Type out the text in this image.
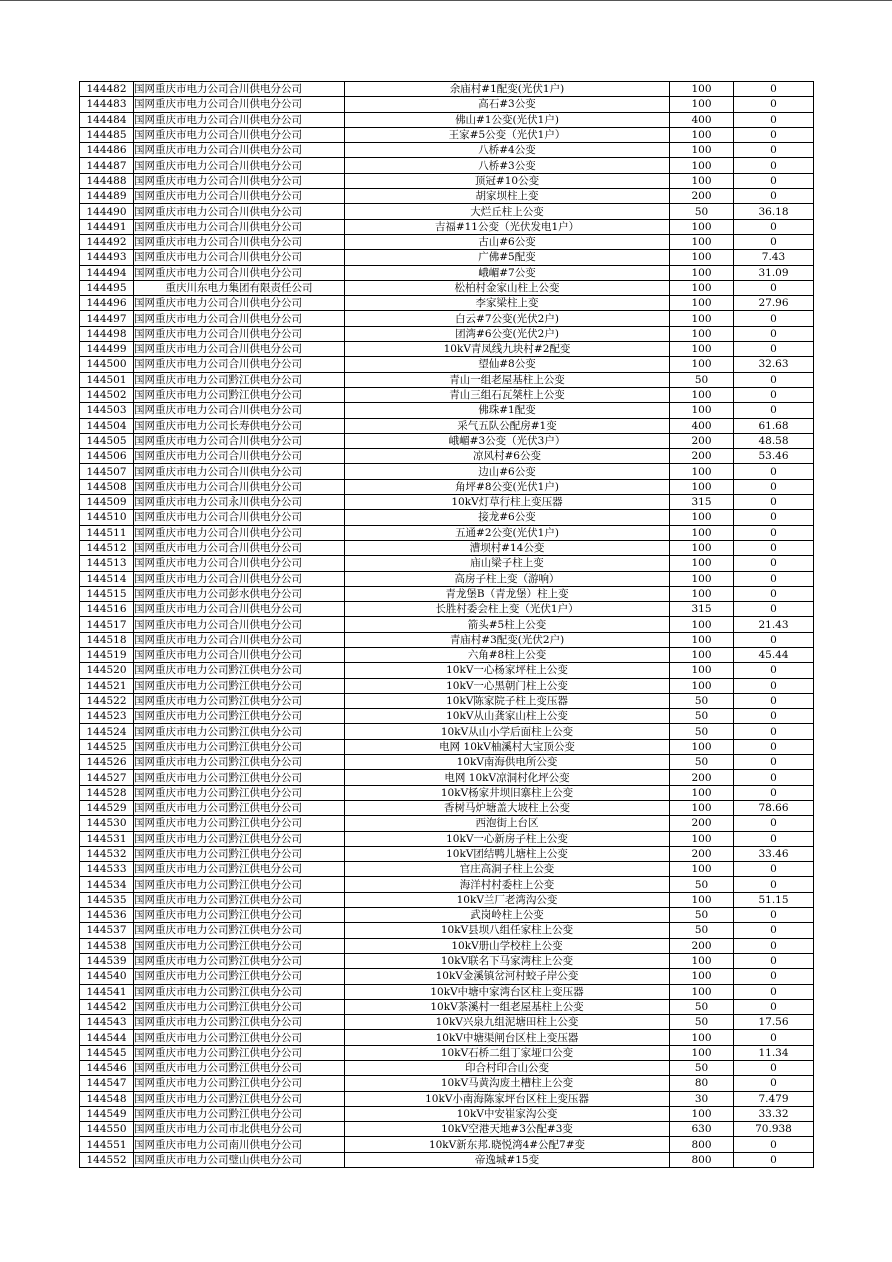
144482	国网重庆市电力公司合川供电分公司	余庙村#1配变(光伏1户)	100	0
144483	国网重庆市电力公司合川供电分公司	高石#3公变	100	0
144484	国网重庆市电力公司合川供电分公司	佛山#1公变(光伏1户)	400	0
144485	国网重庆市电力公司合川供电分公司	王家#5公变（光伏1户）	100	0
144486	国网重庆市电力公司合川供电分公司	八桥#4公变	100	0
144487	国网重庆市电力公司合川供电分公司	八桥#3公变	100	0
144488	国网重庆市电力公司合川供电分公司	顶冠#10公变	100	0
144489	国网重庆市电力公司合川供电分公司	胡家坝柱上变	200	0
144490	国网重庆市电力公司合川供电分公司	大烂丘柱上公变	50	36.18
144491	国网重庆市电力公司合川供电分公司	吉福#11公变（光伏发电1户）	100	0
144492	国网重庆市电力公司合川供电分公司	古山#6公变	100	0
144493	国网重庆市电力公司合川供电分公司	广佛#5配变	100	7.43
144494	国网重庆市电力公司合川供电分公司	峨嵋#7公变	100	31.09
144495	重庆川东电力集团有限责任公司	松柏村金家山柱上公变	100	0
144496	国网重庆市电力公司合川供电分公司	李家梁柱上变	100	27.96
144497	国网重庆市电力公司合川供电分公司	白云#7公变(光伏2户)	100	0
144498	国网重庆市电力公司合川供电分公司	团湾#6公变(光伏2户)	100	0
144499	国网重庆市电力公司合川供电分公司	10kV青凤线九块村#2配变	100	0
144500	国网重庆市电力公司合川供电分公司	望仙#8公变	100	32.63
144501	国网重庆市电力公司黔江供电分公司	青山一组老屋基柱上公变	50	0
144502	国网重庆市电力公司黔江供电分公司	青山三组石瓦桀柱上公变	100	0
144503	国网重庆市电力公司合川供电分公司	佛珠#1配变	100	0
144504	国网重庆市电力公司长寿供电分公司	采气五队公配房#1变	400	61.68
144505	国网重庆市电力公司合川供电分公司	峨嵋#3公变（光伏3户）	200	48.58
144506	国网重庆市电力公司合川供电分公司	凉风村#6公变	200	53.46
144507	国网重庆市电力公司合川供电分公司	边山#6公变	100	0
144508	国网重庆市电力公司合川供电分公司	角坪#8公变(光伏1户)	100	0
144509	国网重庆市电力公司永川供电分公司	10kV灯草行柱上变压器	315	0
144510	国网重庆市电力公司合川供电分公司	接龙#6公变	100	0
144511	国网重庆市电力公司合川供电分公司	五通#2公变(光伏1户)	100	0
144512	国网重庆市电力公司合川供电分公司	漕坝村#14公变	100	0
144513	国网重庆市电力公司合川供电分公司	庙山梁子柱上变	100	0
144514	国网重庆市电力公司合川供电分公司	高房子柱上变（游响）	100	0
144515	国网重庆市电力公司彭水供电分公司	青龙堡B（青龙堡）柱上变	100	0
144516	国网重庆市电力公司合川供电分公司	长胜村委会柱上变（光伏1户）	315	0
144517	国网重庆市电力公司合川供电分公司	箭头#5柱上公变	100	21.43
144518	国网重庆市电力公司合川供电分公司	青庙村#3配变(光伏2户)	100	0
144519	国网重庆市电力公司合川供电分公司	六角#8柱上公变	100	45.44
144520	国网重庆市电力公司黔江供电分公司	10kV一心杨家坪柱上公变	100	0
144521	国网重庆市电力公司黔江供电分公司	10kV一心黑朝门柱上公变	100	0
144522	国网重庆市电力公司黔江供电分公司	10kV陈家院子柱上变压器	50	0
144523	国网重庆市电力公司黔江供电分公司	10kV从山龚家山柱上公变	50	0
144524	国网重庆市电力公司黔江供电分公司	10kV从山小学后面柱上公变	50	0
144525	国网重庆市电力公司黔江供电分公司	电网 10kV柚溪村大宝顶公变	100	0
144526	国网重庆市电力公司黔江供电分公司	10kV南海供电所公变	50	0
144527	国网重庆市电力公司黔江供电分公司	电网 10kV凉洞村化坪公变	200	0
144528	国网重庆市电力公司黔江供电分公司	10kV杨家井坝旧寨柱上公变	100	0
144529	国网重庆市电力公司黔江供电分公司	香树马炉塘盖大坡柱上公变	100	78.66
144530	国网重庆市电力公司黔江供电分公司	西泡街上台区	200	0
144531	国网重庆市电力公司黔江供电分公司	10kV一心新房子柱上公变	100	0
144532	国网重庆市电力公司黔江供电分公司	10kV团结鸭儿塘柱上公变	200	33.46
144533	国网重庆市电力公司黔江供电分公司	官庄高洞子柱上公变	100	0
144534	国网重庆市电力公司黔江供电分公司	海洋村村委柱上公变	50	0
144535	国网重庆市电力公司黔江供电分公司	10kV兰厂老湾沟公变	100	51.15
144536	国网重庆市电力公司黔江供电分公司	武岗岭柱上公变	50	0
144537	国网重庆市电力公司黔江供电分公司	10kV县坝八组任家柱上公变	50	0
144538	国网重庆市电力公司黔江供电分公司	10kV册山学校柱上公变	200	0
144539	国网重庆市电力公司黔江供电分公司	10kV联名下马家湾柱上公变	100	0
144540	国网重庆市电力公司黔江供电分公司	10kV金溪镇岔河村蛟子岸公变	100	0
144541	国网重庆市电力公司黔江供电分公司	10kV中塘中家湾台区柱上变压器	100	0
144542	国网重庆市电力公司黔江供电分公司	10kV茶溪村一组老屋基柱上公变	50	0
144543	国网重庆市电力公司黔江供电分公司	10kV兴泉九组泥塘田柱上公变	50	17.56
144544	国网重庆市电力公司黔江供电分公司	10kV中塘渠闸台区柱上变压器	100	0
144545	国网重庆市电力公司黔江供电分公司	10kV石桥二组丁家垭口公变	100	11.34
144546	国网重庆市电力公司黔江供电分公司	印合村印合山公变	50	0
144547	国网重庆市电力公司黔江供电分公司	10kV马黄沟废土槽柱上公变	80	0
144548	国网重庆市电力公司黔江供电分公司	10kV小南海陈家坪台区柱上变压器	30	7.479
144549	国网重庆市电力公司黔江供电分公司	10kV中安崔家沟公变	100	33.32
144550	国网重庆市电力公司市北供电分公司	10kV空港天地#3公配#3变	630	70.938
144551	国网重庆市电力公司南川供电分公司	10kV新东邦.晓悦湾4#公配7#变	800	0
144552	国网重庆市电力公司璧山供电分公司	帝逸城#15变	800	0
